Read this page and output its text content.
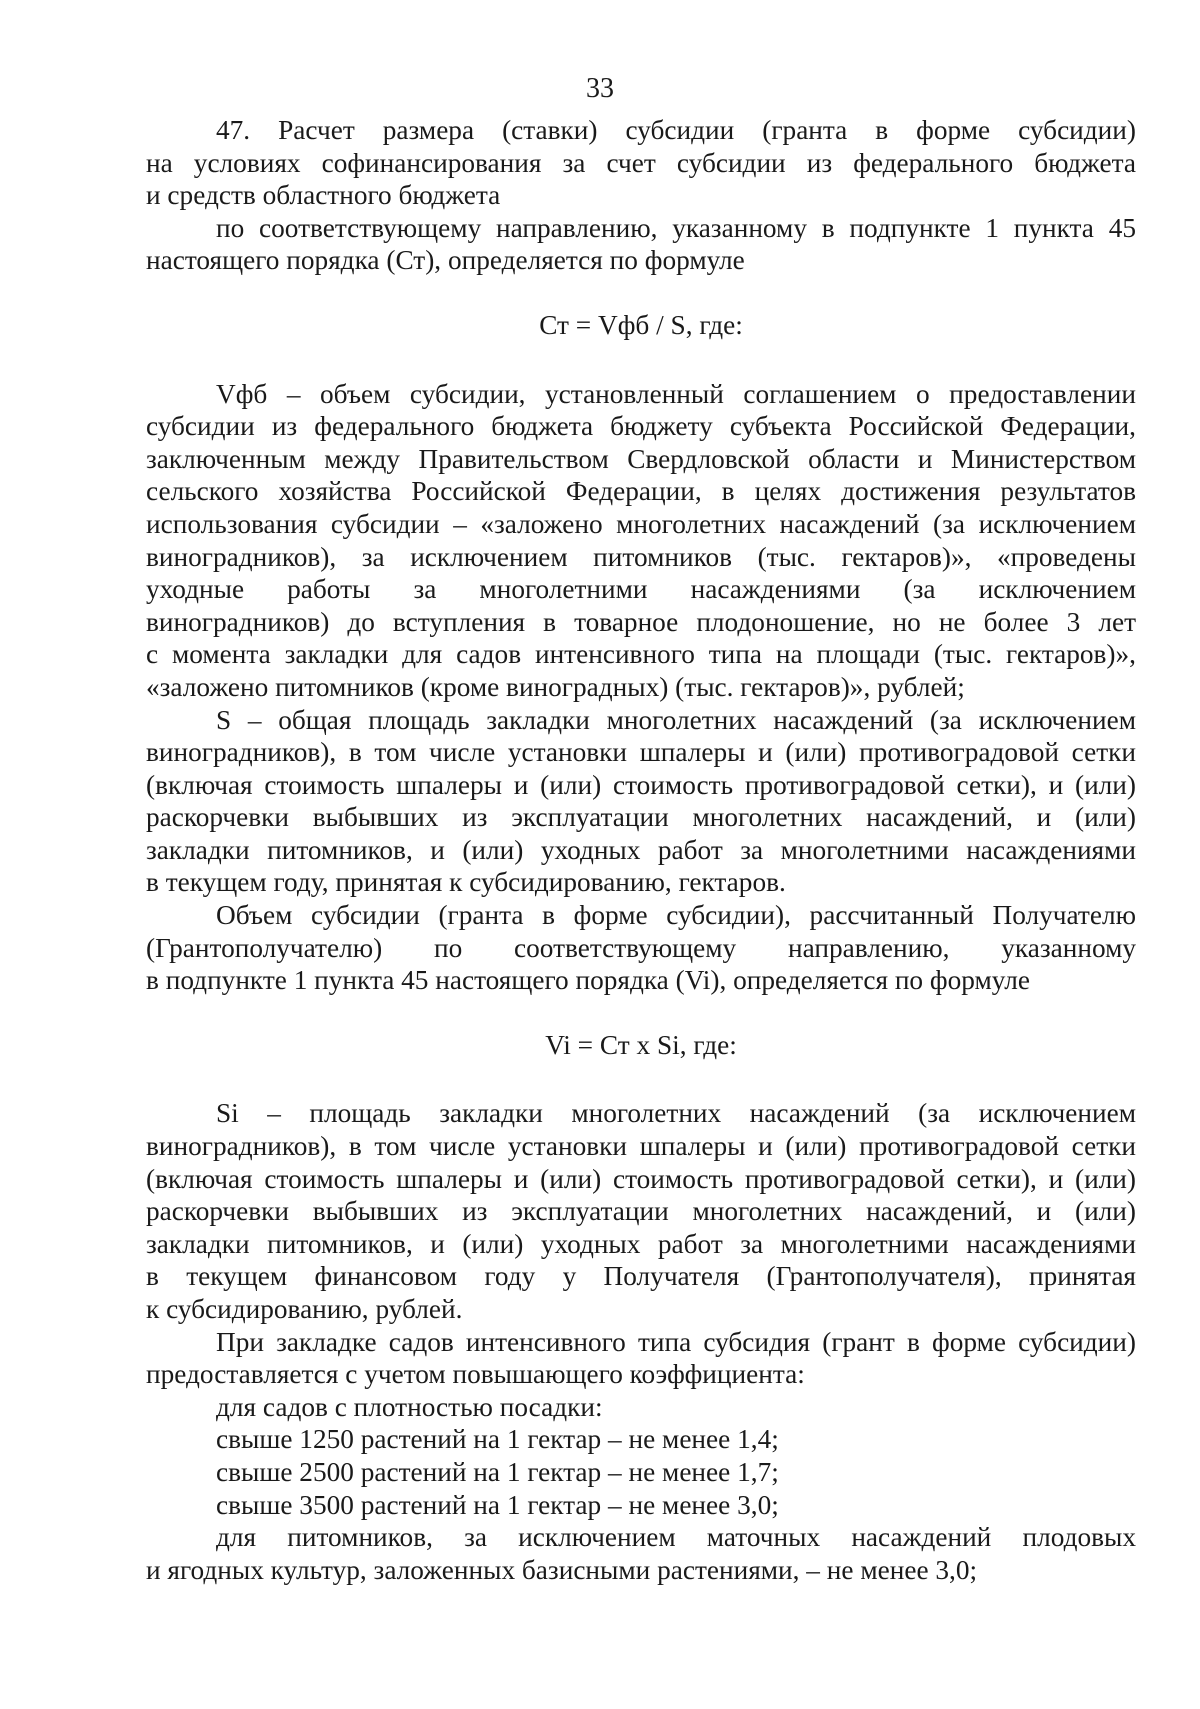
33

47. Расчет размера (ставки) субсидии (гранта в форме субсидии)

на условиях софинансирования за счет субсидии из федерального бюджета

и средств областного бюджета

по соответствующему направлению, указанному в подпункте 1 пункта 45

настоящего порядка (Ст), определяется по формуле

Ст = Vфб / S, где:

Vфб – объем субсидии, установленный соглашением о предоставлении

субсидии из федерального бюджета бюджету субъекта Российской Федерации,

заключенным между Правительством Свердловской области и Министерством

сельского хозяйства Российской Федерации, в целях достижения результатов

использования субсидии – «заложено многолетних насаждений (за исключением

виноградников), за исключением питомников (тыс. гектаров)», «проведены

уходные работы за многолетними насаждениями (за исключением

виноградников) до вступления в товарное плодоношение, но не более 3 лет

с момента закладки для садов интенсивного типа на площади (тыс. гектаров)»,

«заложено питомников (кроме виноградных) (тыс. гектаров)», рублей;

S – общая площадь закладки многолетних насаждений (за исключением

виноградников), в том числе установки шпалеры и (или) противоградовой сетки

(включая стоимость шпалеры и (или) стоимость противоградовой сетки), и (или)

раскорчевки выбывших из эксплуатации многолетних насаждений, и (или)

закладки питомников, и (или) уходных работ за многолетними насаждениями

в текущем году, принятая к субсидированию, гектаров.

Объем субсидии (гранта в форме субсидии), рассчитанный Получателю

(Грантополучателю) по соответствующему направлению, указанному

в подпункте 1 пункта 45 настоящего порядка (Vi), определяется по формуле

Vi = Ст x Si, где:

Si – площадь закладки многолетних насаждений (за исключением

виноградников), в том числе установки шпалеры и (или) противоградовой сетки

(включая стоимость шпалеры и (или) стоимость противоградовой сетки), и (или)

раскорчевки выбывших из эксплуатации многолетних насаждений, и (или)

закладки питомников, и (или) уходных работ за многолетними насаждениями

в текущем финансовом году у Получателя (Грантополучателя), принятая

к субсидированию, рублей.

При закладке садов интенсивного типа субсидия (грант в форме субсидии)

предоставляется с учетом повышающего коэффициента:

для садов с плотностью посадки:

свыше 1250 растений на 1 гектар – не менее 1,4;

свыше 2500 растений на 1 гектар – не менее 1,7;

свыше 3500 растений на 1 гектар – не менее 3,0;

для питомников, за исключением маточных насаждений плодовых

и ягодных культур, заложенных базисными растениями, – не менее 3,0;
